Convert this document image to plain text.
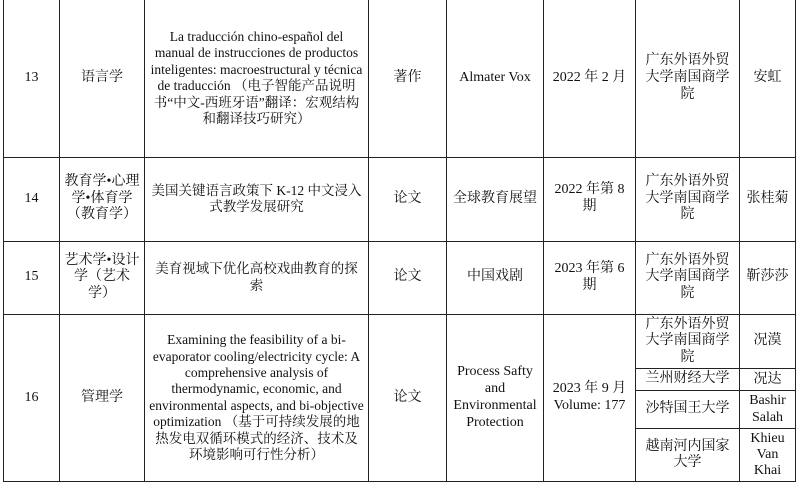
13	语言学	La traducción chino-español del manual de instrucciones de productos inteligentes: macroestructural y técnica de traducción （电子智能产品说明书“中文-西班牙语”翻译：宏观结构和翻译技巧研究）	著作	Almater Vox	2022 年 2 月	广东外语外贸大学南国商学院	安虹
14	教育学•心理学•体育学（教育学）	美国关键语言政策下 K-12 中文浸入式教学发展研究	论文	全球教育展望	2022 年第 8 期	广东外语外贸大学南国商学院	张桂菊
15	艺术学•设计学（艺术学）	美育视域下优化高校戏曲教育的探索	论文	中国戏剧	2023 年第 6 期	广东外语外贸大学南国商学院	靳莎莎
16	管理学	Examining the feasibility of a bi-evaporator cooling/electricity cycle: A comprehensive analysis of thermodynamic, economic, and environmental aspects, and bi-objective optimization （基于可持续发展的地热发电双循环模式的经济、技术及环境影响可行性分析）	论文	Process Safty and Environmental Protection	2023 年 9 月 Volume: 177	广东外语外贸大学南国商学院	况漠
						兰州财经大学	况达
						沙特国王大学	Bashir Salah
						越南河内国家大学	Khieu Van Khai
